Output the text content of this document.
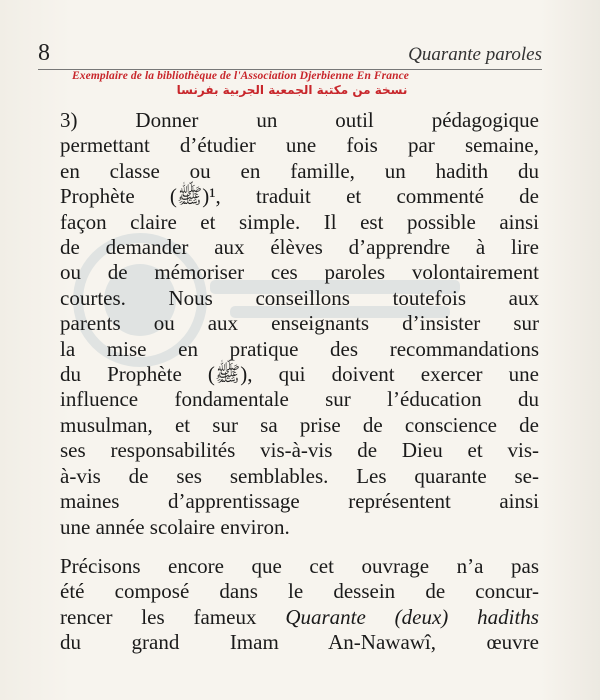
8	Quarante paroles
Exemplaire de la bibliothèque de l'Association Djerbienne En France
نسخة من مكتبة الجمعية الجربية بفرنسا
3) Donner un outil pédagogique
permettant d’étudier une fois par semaine,
en classe ou en famille, un hadith du
Prophète (ﷺ)¹, traduit et commenté de
façon claire et simple. Il est possible ainsi
de demander aux élèves d’apprendre à lire
ou de mémoriser ces paroles volontairement
courtes. Nous conseillons toutefois aux
parents ou aux enseignants d’insister sur
la mise en pratique des recommandations
du Prophète (ﷺ), qui doivent exercer une
influence fondamentale sur l’éducation du
musulman, et sur sa prise de conscience de
ses responsabilités vis-à-vis de Dieu et vis-
à-vis de ses semblables. Les quarante se-
maines d’apprentissage représentent ainsi
une année scolaire environ.
Précisons encore que cet ouvrage n’a pas
été composé dans le dessein de concur-
rencer les fameux Quarante (deux) hadiths
du grand Imam An-Nawawî, œuvre
